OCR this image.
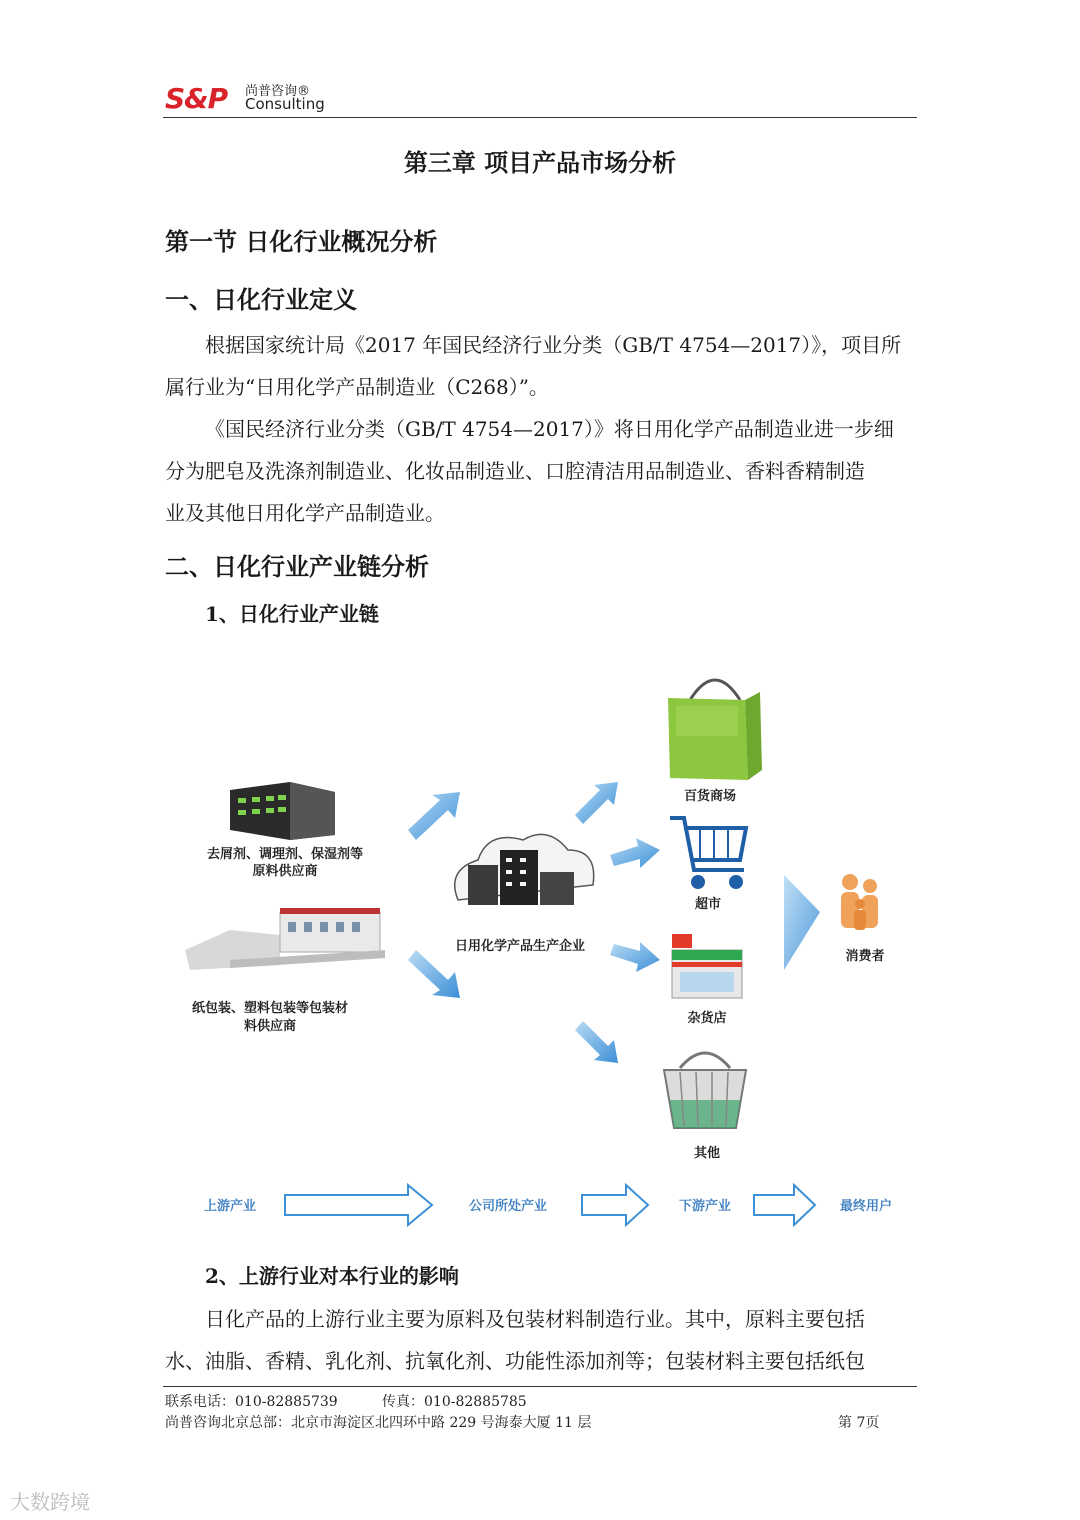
S&P 尚普咨询®
Consulting
第三章 项目产品市场分析
第一节 日化行业概况分析
一、日化行业定义
根据国家统计局《2017 年国民经济行业分类（GB/T 4754—2017）》，项目所
属行业为“日用化学产品制造业（C268）”。
《国民经济行业分类（GB/T 4754—2017）》将日用化学产品制造业进一步细
分为肥皂及洗涤剂制造业、化妆品制造业、口腔清洁用品制造业、香料香精制造
业及其他日用化学产品制造业。
二、日化行业产业链分析
1、日化行业产业链
去屑剂、调理剂、保湿剂等
原料供应商
纸包装、塑料包装等包装材
料供应商
日用化学产品生产企业
百货商场
超市
杂货店
其他
消费者
上游产业	公司所处产业	下游产业	最终用户
2、上游行业对本行业的影响
日化产品的上游行业主要为原料及包装材料制造行业。其中，原料主要包括
水、油脂、香精、乳化剂、抗氧化剂、功能性添加剂等；包装材料主要包括纸包
联系电话：010-82885739	传真：010-82885785
尚普咨询北京总部：北京市海淀区北四环中路 229 号海泰大厦 11 层	第 7页
大数跨境
